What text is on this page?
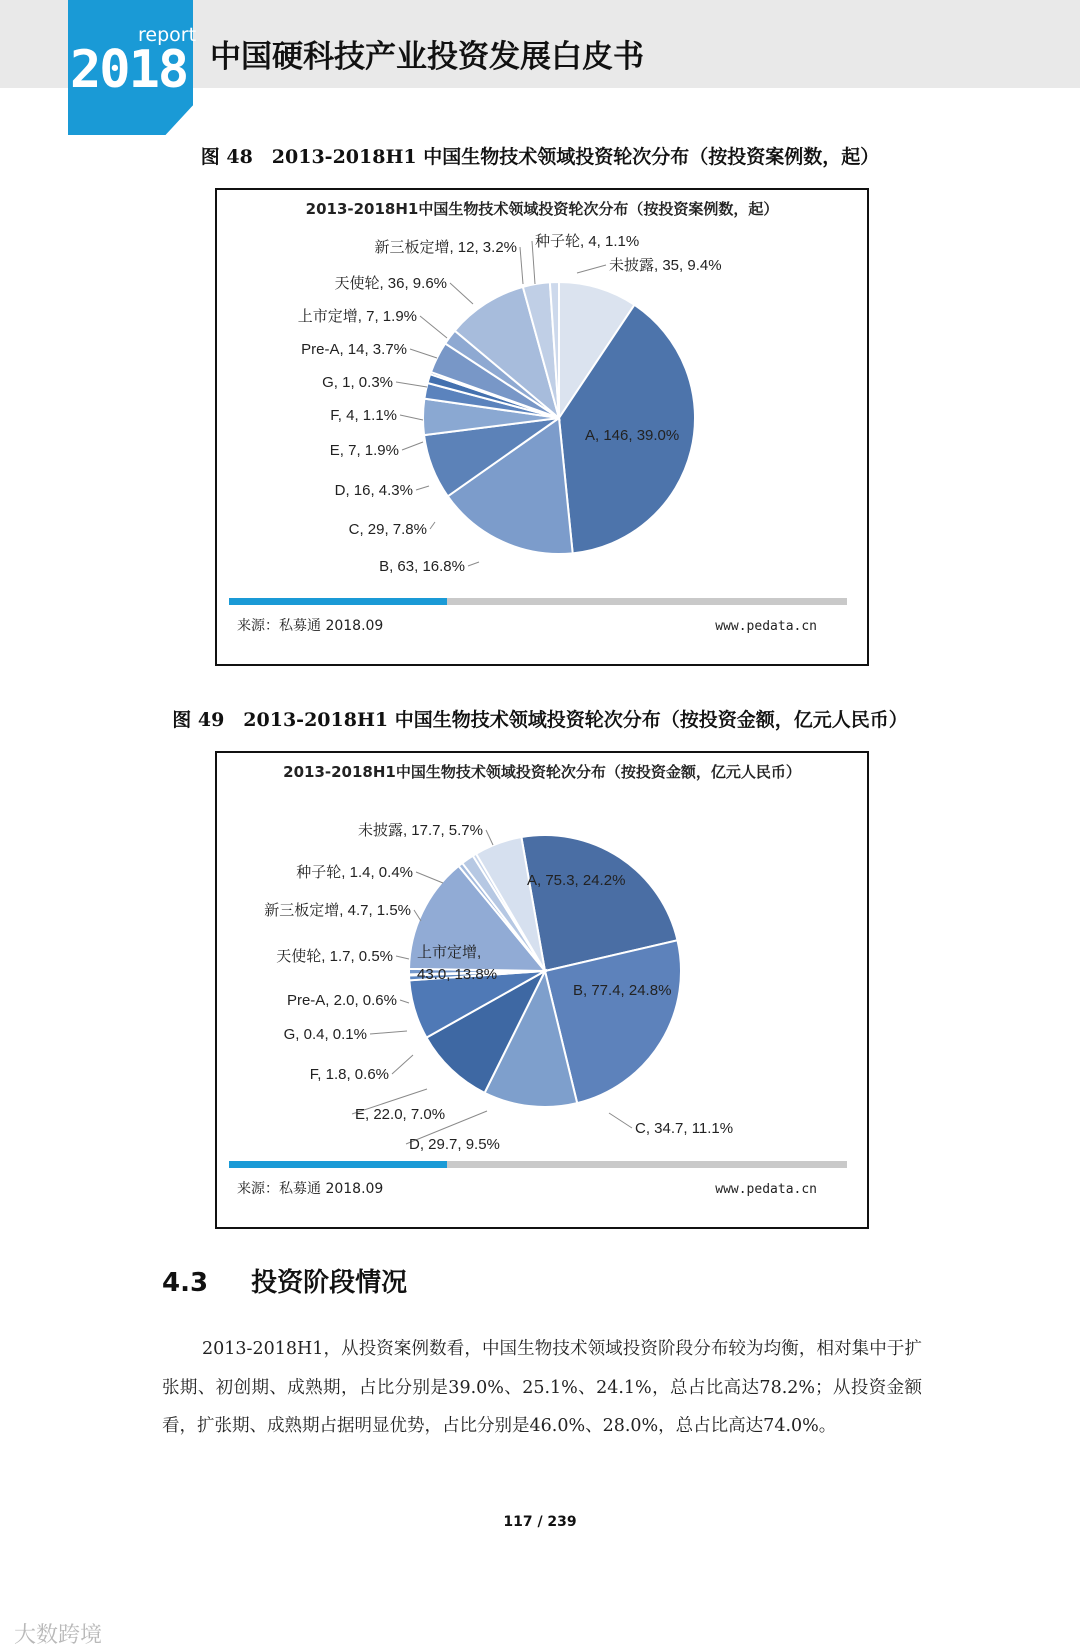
report
2018 中国硬科技产业投资发展白皮书
图 48　2013-2018H1 中国生物技术领域投资轮次分布（按投资案例数，起）
2013-2018H1中国生物技术领域投资轮次分布（按投资案例数，起）
未披露, 35, 9.4%
A, 146, 39.0%
B, 63, 16.8%
C, 29, 7.8%
D, 16, 4.3%
E, 7, 1.9%
F, 4, 1.1%
G, 1, 0.3%
Pre-A, 14, 3.7%
上市定增, 7, 1.9%
天使轮, 36, 9.6%
新三板定增, 12, 3.2% 种子轮, 4, 1.1%
来源：私募通 2018.09	www.pedata.cn
图 49　2013-2018H1 中国生物技术领域投资轮次分布（按投资金额，亿元人民币）
2013-2018H1中国生物技术领域投资轮次分布（按投资金额，亿元人民币）
A, 75.3, 24.2%
B, 77.4, 24.8%
C, 34.7, 11.1%
D, 29.7, 9.5%
E, 22.0, 7.0%
F, 1.8, 0.6%
G, 0.4, 0.1%
Pre-A, 2.0, 0.6%
上市定增,
43.0, 13.8%
天使轮, 1.7, 0.5%
新三板定增, 4.7, 1.5%
种子轮, 1.4, 0.4%
未披露, 17.7, 5.7%
来源：私募通 2018.09	www.pedata.cn
4.3 投资阶段情况
2013-2018H1，从投资案例数看，中国生物技术领域投资阶段分布较为均衡，相对集中于扩张期、初创期、成熟期，占比分别是39.0%、25.1%、24.1%，总占比高达78.2%；从投资金额看，扩张期、成熟期占据明显优势，占比分别是46.0%、28.0%，总占比高达74.0%。
117 / 239
大数跨境
